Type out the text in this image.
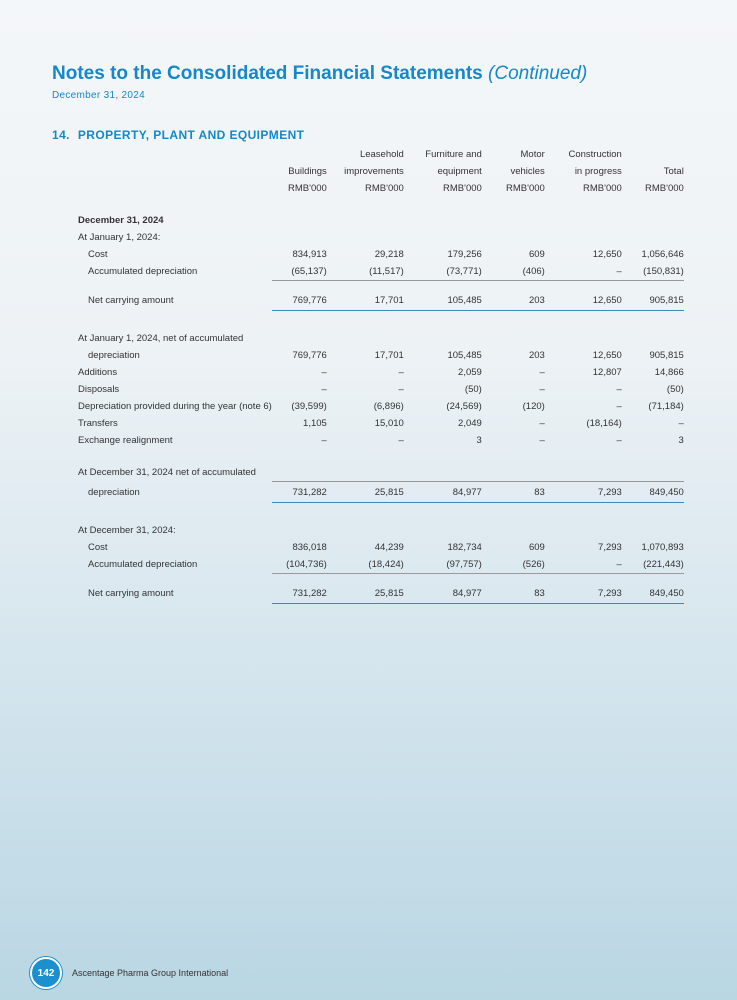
Notes to the Consolidated Financial Statements (Continued)
December 31, 2024
14. PROPERTY, PLANT AND EQUIPMENT
		Leasehold	Furniture and	Motor	Construction	
	Buildings	improvements	equipment	vehicles	in progress	Total
	RMB'000	RMB'000	RMB'000	RMB'000	RMB'000	RMB'000

December 31, 2024						
At January 1, 2024:						
Cost	834,913	29,218	179,256	609	12,650	1,056,646
Accumulated depreciation	(65,137)	(11,517)	(73,771)	(406)	–	(150,831)

Net carrying amount	769,776	17,701	105,485	203	12,650	905,815

At January 1, 2024, net of accumulated						
depreciation	769,776	17,701	105,485	203	12,650	905,815
Additions	–	–	2,059	–	12,807	14,866
Disposals	–	–	(50)	–	–	(50)
Depreciation provided during the year (note 6)	(39,599)	(6,896)	(24,569)	(120)	–	(71,184)
Transfers	1,105	15,010	2,049	–	(18,164)	–
Exchange realignment	–	–	3	–	–	3

At December 31, 2024 net of accumulated						
depreciation	731,282	25,815	84,977	83	7,293	849,450

At December 31, 2024:						
Cost	836,018	44,239	182,734	609	7,293	1,070,893
Accumulated depreciation	(104,736)	(18,424)	(97,757)	(526)	–	(221,443)

Net carrying amount	731,282	25,815	84,977	83	7,293	849,450
142	Ascentage Pharma Group International
